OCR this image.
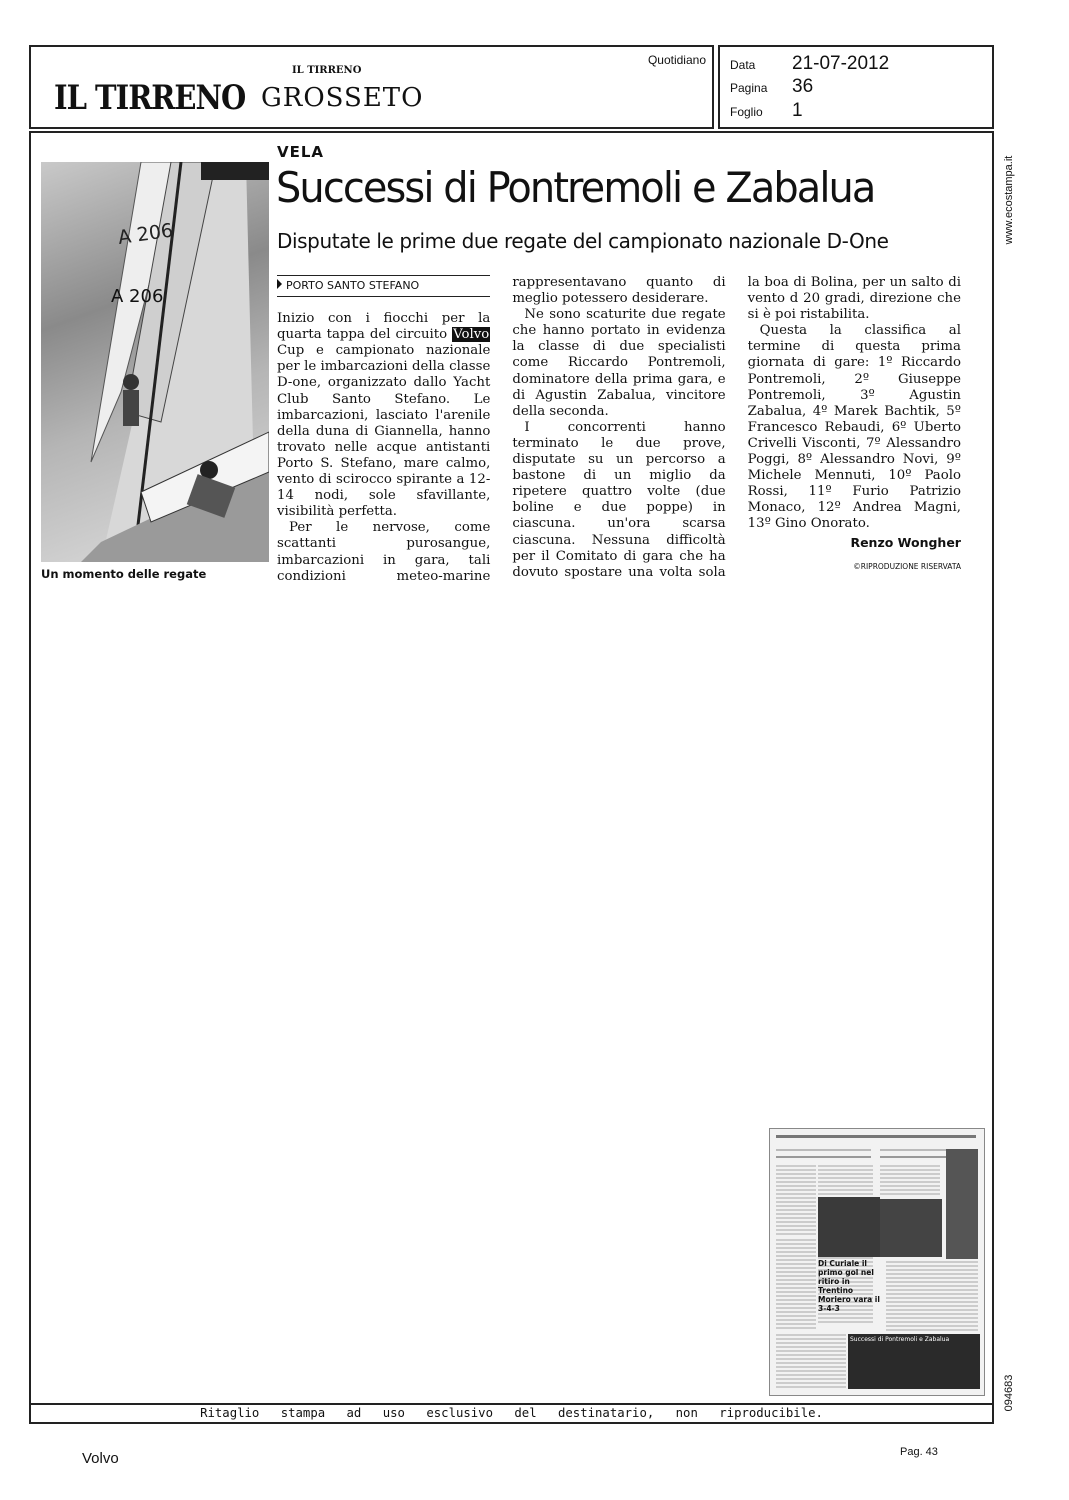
IL TIRRENO
IL TIRRENO GROSSETO
Quotidiano Data 21-07-2012
Pagina 36
Foglio 1
A 206
A 206
Un momento delle regate
VELA
Successi di Pontremoli e Zabalua
Disputate le prime due regate del campionato nazionale D-One
PORTO SANTO STEFANO

Inizio con i fiocchi per la quarta tappa del circuito Volvo Cup e campionato nazionale per le imbarcazioni della classe D-one, organizzato dallo Yacht Club Santo Stefano. Le imbarcazioni, lasciato l'arenile della duna di Giannella, hanno trovato nelle acque antistanti Porto S. Stefano, mare calmo, vento di scirocco spirante a 12-14 nodi, sole sfavillante, visibilità perfetta.

Per le nervose, come scattanti purosangue, imbarcazioni in gara, tali condizioni meteo-marine rappresentavano quanto di meglio potessero desiderare.

Ne sono scaturite due regate che hanno portato in evidenza la classe di due specialisti come Riccardo Pontremoli, dominatore della prima gara, e di Agustin Zabalua, vincitore della seconda.

I concorrenti hanno terminato le due prove, disputate su un percorso a bastone di un miglio da ripetere quattro volte (due boline e due poppe) in ciascuna. un'ora scarsa ciascuna. Nessuna difficoltà per il Comitato di gara che ha dovuto spostare una volta sola la boa di Bolina, per un salto di vento d 20 gradi, direzione che si è poi ristabilita.

Questa la classifica al termine di questa prima giornata di gare: 1º Riccardo Pontremoli, 2º Giuseppe Pontremoli, 3º Agustin Zabalua, 4º Marek Bachtik, 5º Francesco Rebaudi, 6º Uberto Crivelli Visconti, 7º Alessandro Poggi, 8º Alessandro Novi, 9º Michele Mennuti, 10º Paolo Rossi, 11º Furio Patrizio Monaco, 12º Andrea Magni, 13º Gino Onorato.

Renzo Wongher
©RIPRODUZIONE RISERVATA
Di Curiale il primo gol nel ritiro in Trentino Moriero vara il 3-4-3
Successi di Pontremoli e Zabalua
Ritaglio stampa ad uso esclusivo del destinatario, non riproducibile.
www.ecostampa.it
094683
Volvo	Pag. 43
